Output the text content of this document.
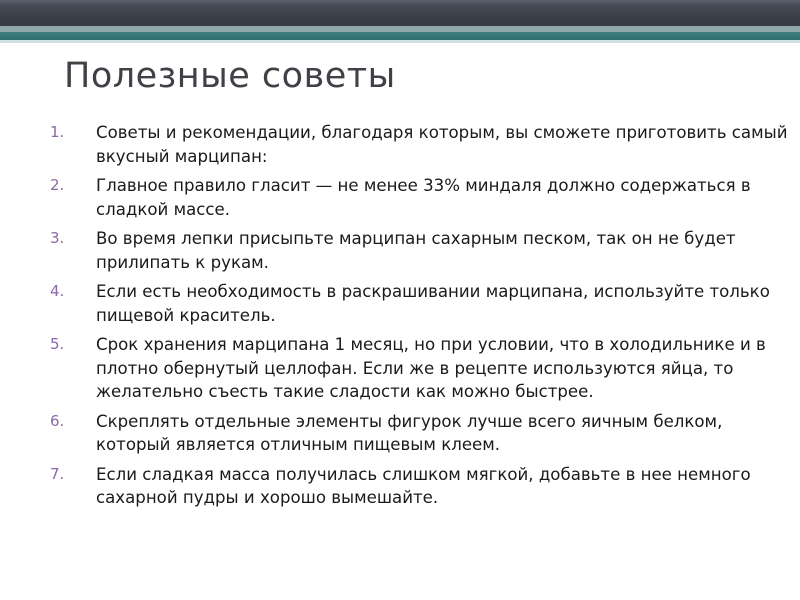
Полезные советы
1.	Советы и рекомендации, благодаря которым, вы сможете приготовить самый вкусный марципан:
2.	Главное правило гласит — не менее 33% миндаля должно содержаться в сладкой массе.
3.	Во время лепки присыпьте марципан сахарным песком, так он не будет прилипать к рукам.
4.	Если есть необходимость в раскрашивании марципана, используйте только пищевой краситель.
5.	Срок хранения марципана 1 месяц, но при условии, что в холодильнике и в плотно обернутый целлофан. Если же в рецепте используются яйца, то желательно съесть такие сладости как можно быстрее.
6.	Скреплять отдельные элементы фигурок лучше всего яичным белком, который является отличным пищевым клеем.
7.	Если сладкая масса получилась слишком мягкой, добавьте в нее немного сахарной пудры и хорошо вымешайте.
